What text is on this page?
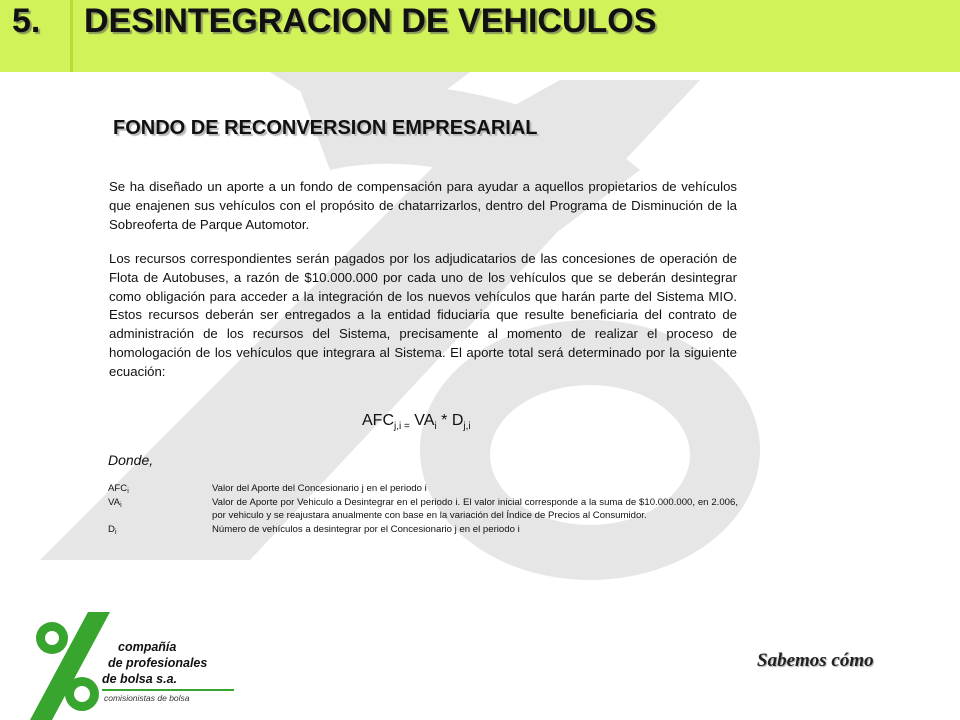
5. DESINTEGRACION DE VEHICULOS
FONDO DE RECONVERSION EMPRESARIAL
Se ha diseñado un aporte a un fondo de compensación para ayudar a aquellos propietarios de vehículos que enajenen sus vehículos con el propósito de chatarrizarlos, dentro del Programa de Disminución de la Sobreoferta de Parque Automotor.
Los recursos correspondientes serán pagados por los adjudicatarios de las concesiones de operación de Flota de Autobuses, a razón de $10.000.000 por cada uno de los vehículos que se deberán desintegrar como obligación para acceder a la integración de los nuevos vehículos que harán parte del Sistema MIO. Estos recursos deberán ser entregados a la entidad fiduciaria que resulte beneficiaria del contrato de administración de los recursos del Sistema, precisamente al momento de realizar el proceso de homologación de los vehículos que integrara al Sistema. El aporte total será determinado por la siguiente ecuación:
$AFC_{j,i =}$ $VA_i * D_{j,i}$
Donde,
$AFC_i$	Valor del Aporte del Concesionario j en el periodo i
$VA_i$	Valor de Aporte por Vehiculo a Desintegrar en el periodo i. El valor inicial corresponde a la suma de $10.000.000, en 2.006, por vehiculo y se reajustara anualmente con base en la variación del Índice de Precios al Consumidor.
$D_i$	Número de vehículos a desintegrar por el Concesionario j en el periodo i
compañía
de profesionales
de bolsa s.a.
comisionistas de bolsa
Sabemos cómo
